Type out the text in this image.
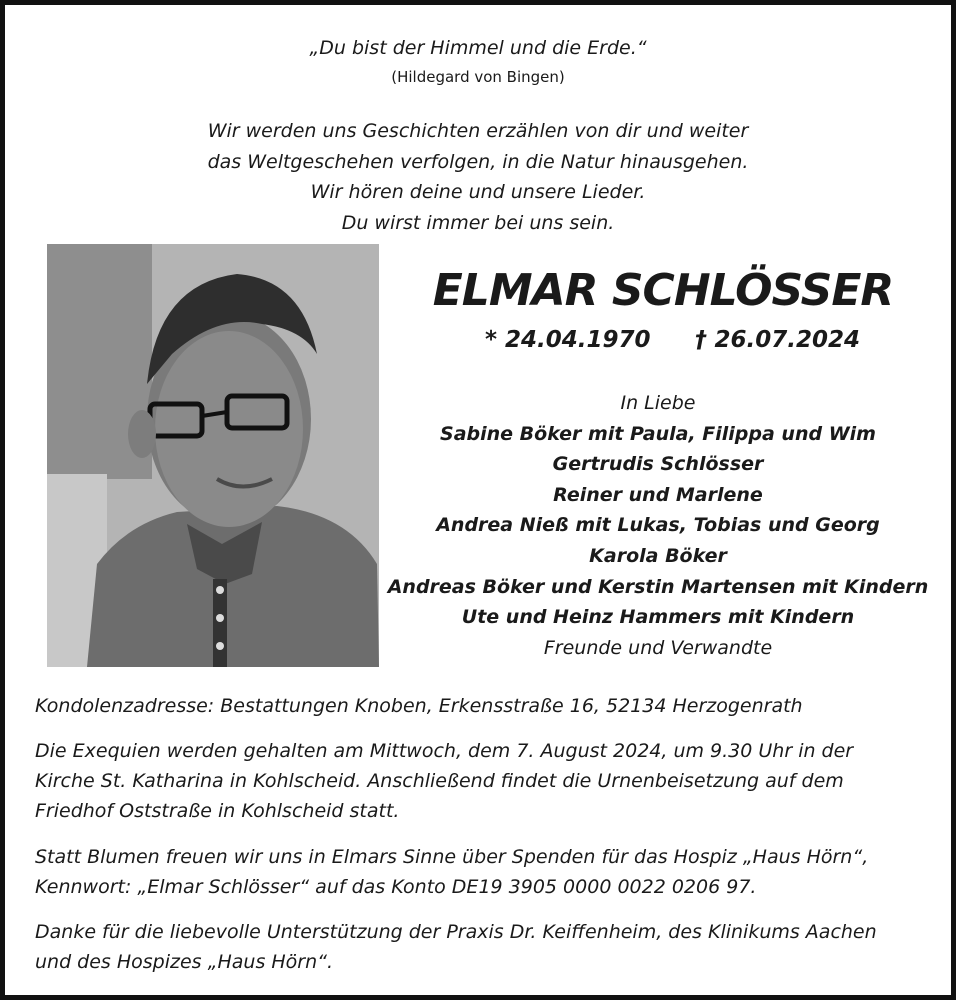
„Du bist der Himmel und die Erde.“
(Hildegard von Bingen)
Wir werden uns Geschichten erzählen von dir und weiter
das Weltgeschehen verfolgen, in die Natur hinausgehen.
Wir hören deine und unsere Lieder.
Du wirst immer bei uns sein.
ELMAR SCHLÖSSER
* 24.04.1970 † 26.07.2024
In Liebe
Sabine Böker mit Paula, Filippa und Wim
Gertrudis Schlösser
Reiner und Marlene
Andrea Nieß mit Lukas, Tobias und Georg
Karola Böker
Andreas Böker und Kerstin Martensen mit Kindern
Ute und Heinz Hammers mit Kindern
Freunde und Verwandte
Kondolenzadresse: Bestattungen Knoben, Erkensstraße 16, 52134 Herzogenrath
Die Exequien werden gehalten am Mittwoch, dem 7. August 2024, um 9.30 Uhr in der
Kirche St. Katharina in Kohlscheid. Anschließend findet die Urnenbeisetzung auf dem
Friedhof Oststraße in Kohlscheid statt.
Statt Blumen freuen wir uns in Elmars Sinne über Spenden für das Hospiz „Haus Hörn“,
Kennwort: „Elmar Schlösser“ auf das Konto DE19 3905 0000 0022 0206 97.
Danke für die liebevolle Unterstützung der Praxis Dr. Keiffenheim, des Klinikums Aachen
und des Hospizes „Haus Hörn“.
